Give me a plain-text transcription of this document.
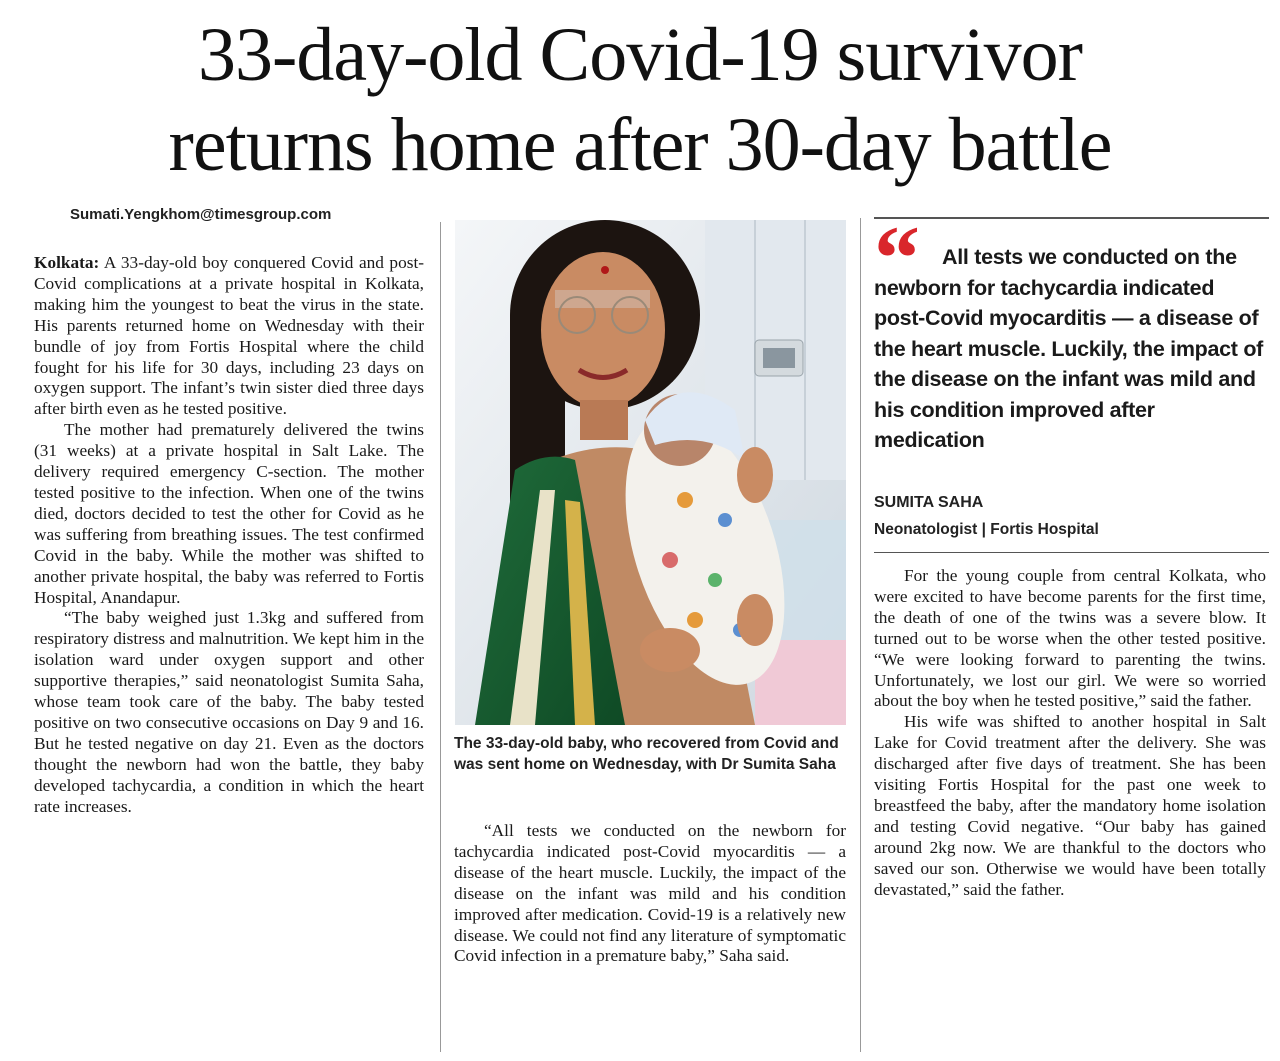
33-day-old Covid-19 survivor
returns home after 30-day battle
Sumati.Yengkhom@timesgroup.com

Kolkata: A 33-day-old boy conquered Covid and post-Covid complications at a private hospital in Kolkata, making him the youngest to beat the virus in the state. His parents returned home on Wednesday with their bundle of joy from Fortis Hospital where the child fought for his life for 30 days, including 23 days on oxygen support. The infant’s twin sister died three days after birth even as he tested positive.

The mother had prematurely delivered the twins (31 weeks) at a private hospital in Salt Lake. The delivery required emergency C-section. The mother tested positive to the infection. When one of the twins died, doctors decided to test the other for Covid as he was suffering from breathing issues. The test confirmed Covid in the baby. While the mother was shifted to another private hospital, the baby was referred to Fortis Hospital, Anandapur.

“The baby weighed just 1.3kg and suffered from respiratory distress and malnutrition. We kept him in the isolation ward under oxygen support and other supportive therapies,” said neonatologist Sumita Saha, whose team took care of the baby. The baby tested positive on two consecutive occasions on Day 9 and 16. But he tested negative on day 21. Even as the doctors thought the newborn had won the battle, they baby developed tachycardia, a condition in which the heart rate increases.

The 33-day-old baby, who recovered from Covid and was sent home on Wednesday, with Dr Sumita Saha

“All tests we conducted on the newborn for tachycardia indicated post-Covid myocarditis — a disease of the heart muscle. Luckily, the impact of the disease on the infant was mild and his condition improved after medication. Covid-19 is a relatively new disease. We could not find any literature of symptomatic Covid infection in a premature baby,” Saha said.

“	All tests we conducted on the newborn for tachycardia indicated post-Covid myocarditis — a disease of the heart muscle. Luckily, the impact of the disease on the infant was mild and his condition improved after medication
SUMITA SAHA
Neonatologist | Fortis Hospital

For the young couple from central Kolkata, who were excited to have become parents for the first time, the death of one of the twins was a severe blow. It turned out to be worse when the other tested positive. “We were looking forward to parenting the twins. Unfortunately, we lost our girl. We were so worried about the boy when he tested positive,” said the father.

His wife was shifted to another hospital in Salt Lake for Covid treatment after the delivery. She was discharged after five days of treatment. She has been visiting Fortis Hospital for the past one week to breastfeed the baby, after the mandatory home isolation and testing Covid negative. “Our baby has gained around 2kg now. We are thankful to the doctors who saved our son. Otherwise we would have been totally devastated,” said the father.
